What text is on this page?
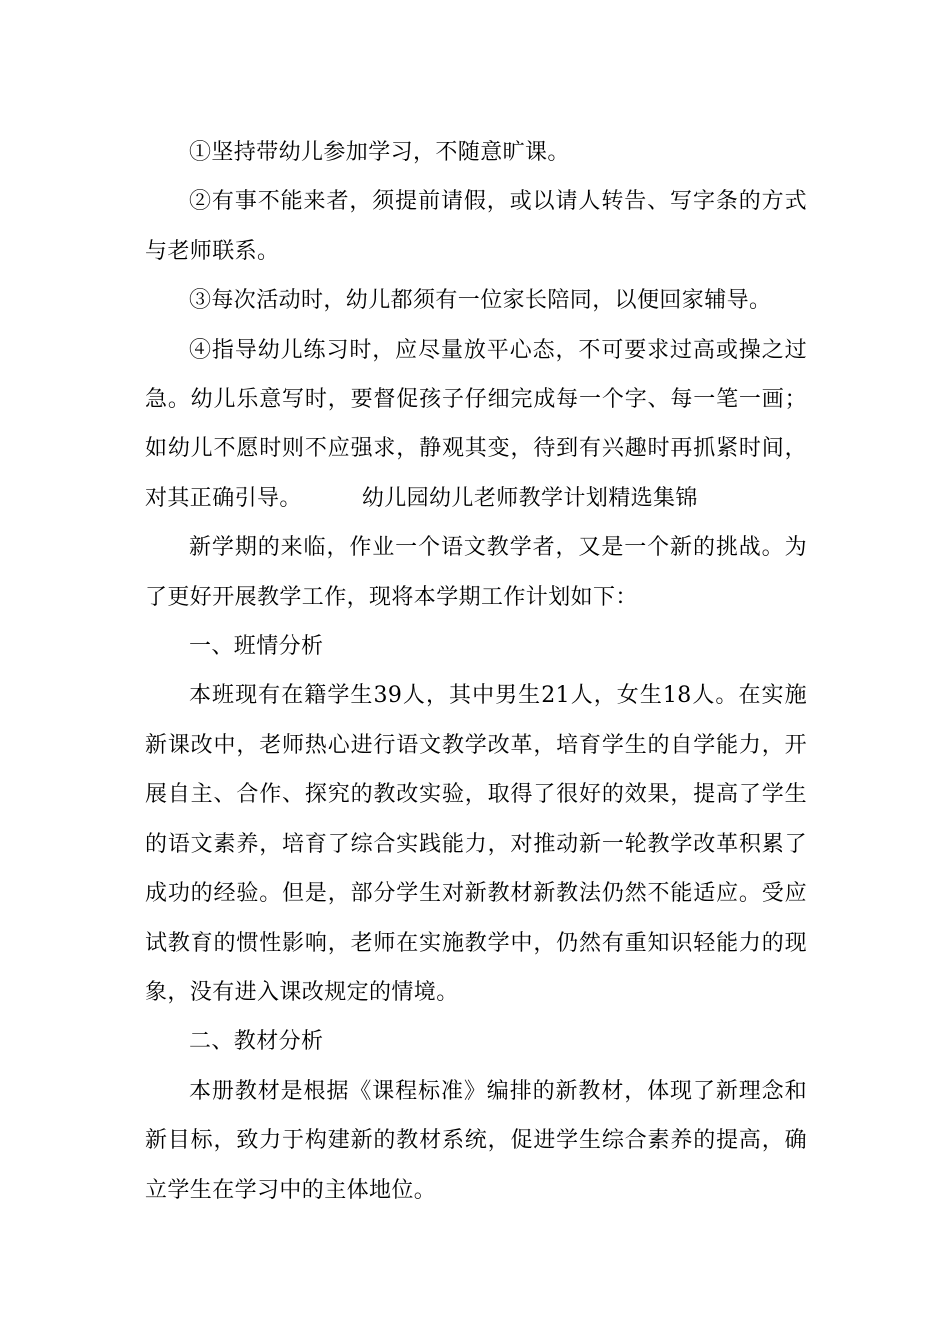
①坚持带幼儿参加学习，不随意旷课。

②有事不能来者，须提前请假，或以请人转告、写字条的方式与老师联系。

③每次活动时，幼儿都须有一位家长陪同，以便回家辅导。

④指导幼儿练习时，应尽量放平心态，不可要求过高或操之过急。幼儿乐意写时，要督促孩子仔细完成每一个字、每一笔一画；如幼儿不愿时则不应强求，静观其变，待到有兴趣时再抓紧时间，对其正确引导。	幼儿园幼儿老师教学计划精选集锦

新学期的来临，作业一个语文教学者，又是一个新的挑战。为了更好开展教学工作，现将本学期工作计划如下：

一、班情分析

本班现有在籍学生39人，其中男生21人，女生18人。在实施新课改中，老师热心进行语文教学改革，培育学生的自学能力，开展自主、合作、探究的教改实验，取得了很好的效果，提高了学生的语文素养，培育了综合实践能力，对推动新一轮教学改革积累了成功的经验。但是，部分学生对新教材新教法仍然不能适应。受应试教育的惯性影响，老师在实施教学中，仍然有重知识轻能力的现象，没有进入课改规定的情境。

二、教材分析

本册教材是根据《课程标准》编排的新教材，体现了新理念和新目标，致力于构建新的教材系统，促进学生综合素养的提高，确立学生在学习中的主体地位。
